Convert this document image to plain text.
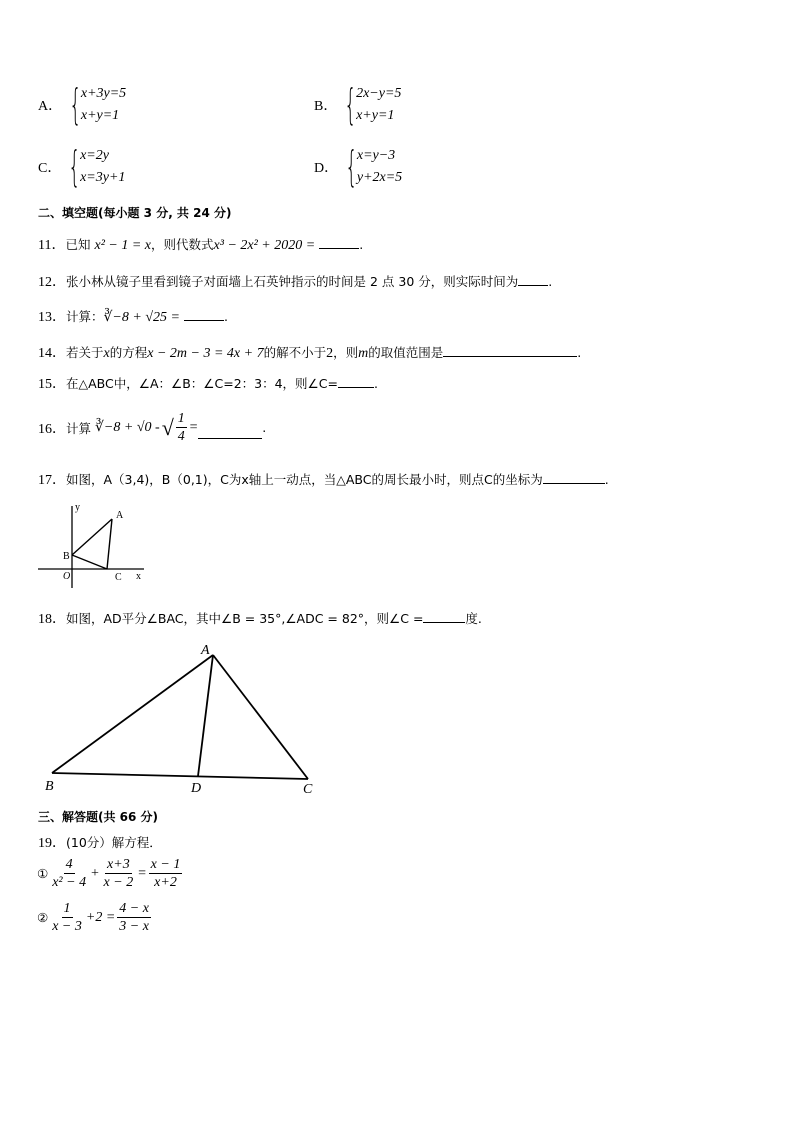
A． { x+3y=5
x+y=1
B． { 2x−y=5
x+y=1
C． { x=2y
x=3y+1
D． { x=y−3
y+2x=5
二、填空题(每小题 3 分, 共 24 分)
11．已知 x² − 1 = x，则代数式x³ − 2x² + 2020 =	.
12．张小林从镜子里看到镜子对面墙上石英钟指示的时间是 2 点 30 分，则实际时间为 .
13．计算：∛−8 + √25 =	.
14．若关于x的方程x − 2m − 3 = 4x + 7的解不小于2，则m的取值范围是	.
15．在△ABC中，∠A：∠B：∠C=2：3：4，则∠C=	.
16． 计算 ∛−8 + √0 - √ $\frac{1}{4}$ =	.
17．如图，A（3,4)，B（0,1)，C为x轴上一动点，当△ABC的周长最小时，则点C的坐标为	.
y
x
A
B
C
O
18．如图，AD平分∠BAC，其中∠B = 35°,∠ADC = 82°，则∠C =	度.
A
B	D	C
三、解答题(共 66 分)
19．(10分）解方程．
① $\frac{4}{\text{x² − 4}} + \frac{x+3}{x - 2} = \frac{x - 1}{x+2}$
② $\frac{1}{x - 3} +2 = \frac{4 - x}{3 - x}$
